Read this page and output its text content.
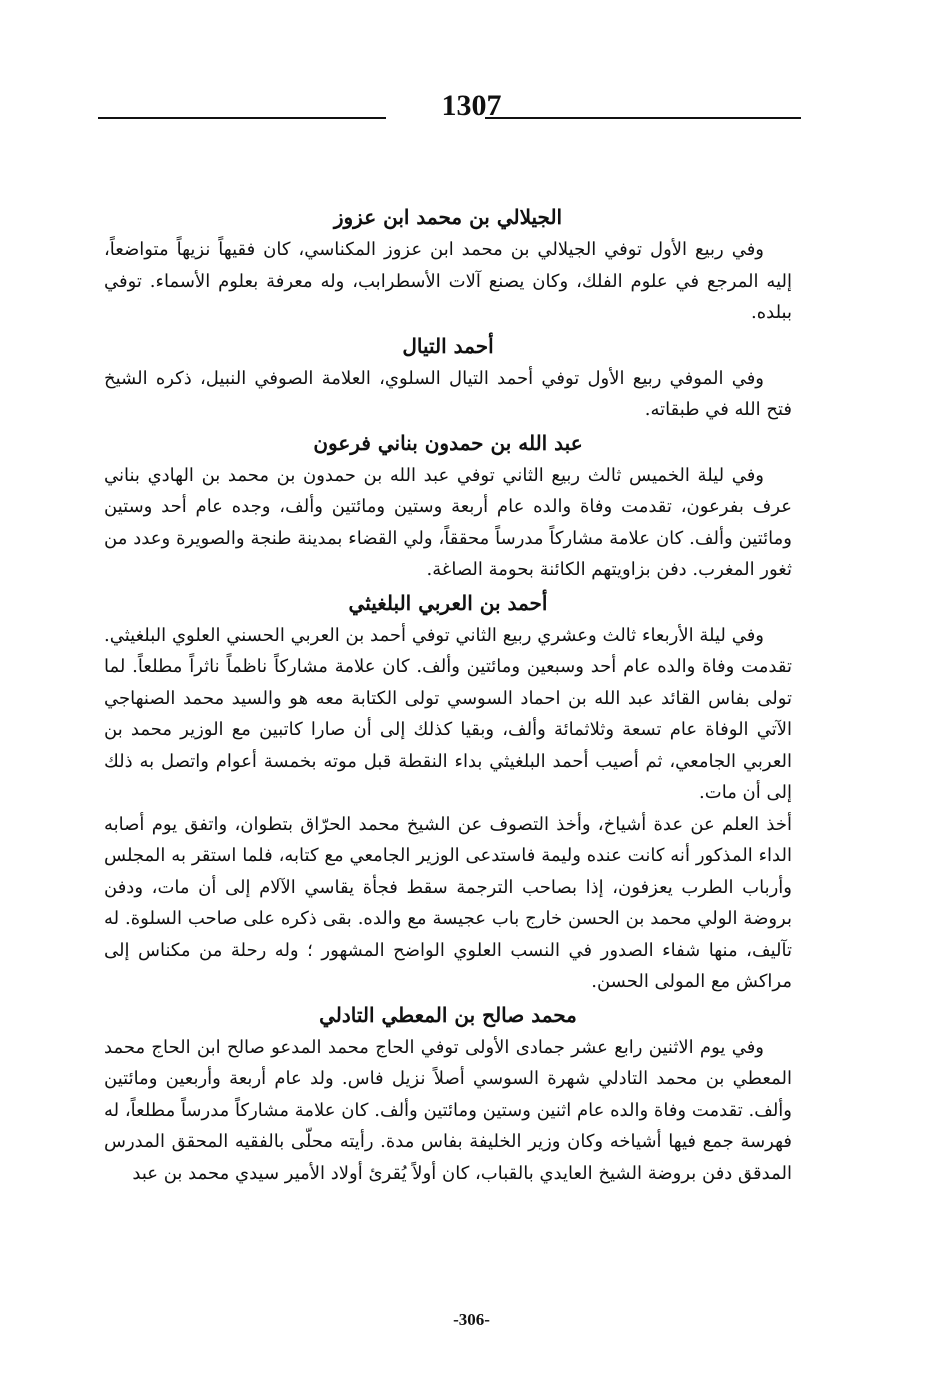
1307
الجيلالي بن محمد ابن عزوز

وفي ربيع الأول توفي الجيلالي بن محمد ابن عزوز المكناسي، كان فقيهاً نزيهاً متواضعاً، إليه المرجع في علوم الفلك، وكان يصنع آلات الأسطرابب، وله معرفة بعلوم الأسماء. توفي ببلده.

أحمد التيال

وفي الموفي ربيع الأول توفي أحمد التيال السلوي، العلامة الصوفي النبيل، ذكره الشيخ فتح الله في طبقاته.

عبد الله بن حمدون بناني فرعون

وفي ليلة الخميس ثالث ربيع الثاني توفي عبد الله بن حمدون بن محمد بن الهادي بناني عرف بفرعون، تقدمت وفاة والده عام أربعة وستين ومائتين وألف، وجده عام أحد وستين ومائتين وألف. كان علامة مشاركاً مدرساً محققاً، ولي القضاء بمدينة طنجة والصويرة وعدد من ثغور المغرب. دفن بزاويتهم الكائنة بحومة الصاغة.

أحمد بن العربي البلغيثي

وفي ليلة الأربعاء ثالث وعشري ربيع الثاني توفي أحمد بن العربي الحسني العلوي البلغيثي. تقدمت وفاة والده عام أحد وسبعين ومائتين وألف. كان علامة مشاركاً ناظماً ناثراً مطلعاً. لما تولى بفاس القائد عبد الله بن احماد السوسي تولى الكتابة معه هو والسيد محمد الصنهاجي الآتي الوفاة عام تسعة وثلاثمائة وألف، وبقيا كذلك إلى أن صارا كاتبين مع الوزير محمد بن العربي الجامعي، ثم أصيب أحمد البلغيثي بداء النقطة قبل موته بخمسة أعوام واتصل به ذلك إلى أن مات.

أخذ العلم عن عدة أشياخ، وأخذ التصوف عن الشيخ محمد الحرّاق بتطوان، واتفق يوم أصابه الداء المذكور أنه كانت عنده وليمة فاستدعى الوزير الجامعي مع كتابه، فلما استقر به المجلس وأرباب الطرب يعزفون، إذا بصاحب الترجمة سقط فجأة يقاسي الآلام إلى أن مات، ودفن بروضة الولي محمد بن الحسن خارج باب عجيسة مع والده. بقى ذكره على صاحب السلوة. له تآليف، منها شفاء الصدور في النسب العلوي الواضح المشهور ؛ وله رحلة من مكناس إلى مراكش مع المولى الحسن.

محمد صالح بن المعطي التادلي

وفي يوم الاثنين رابع عشر جمادى الأولى توفي الحاج محمد المدعو صالح ابن الحاج محمد المعطي بن محمد التادلي شهرة السوسي أصلاً نزيل فاس. ولد عام أربعة وأربعين ومائتين وألف. تقدمت وفاة والده عام اثنين وستين ومائتين وألف. كان علامة مشاركاً مدرساً مطلعاً، له فهرسة جمع فيها أشياخه وكان وزير الخليفة بفاس مدة. رأيته محلّى بالفقيه المحقق المدرس المدقق دفن بروضة الشيخ العايدي بالقباب، كان أولاً يُقرئ أولاد الأمير سيدي محمد بن عبد

-306-
